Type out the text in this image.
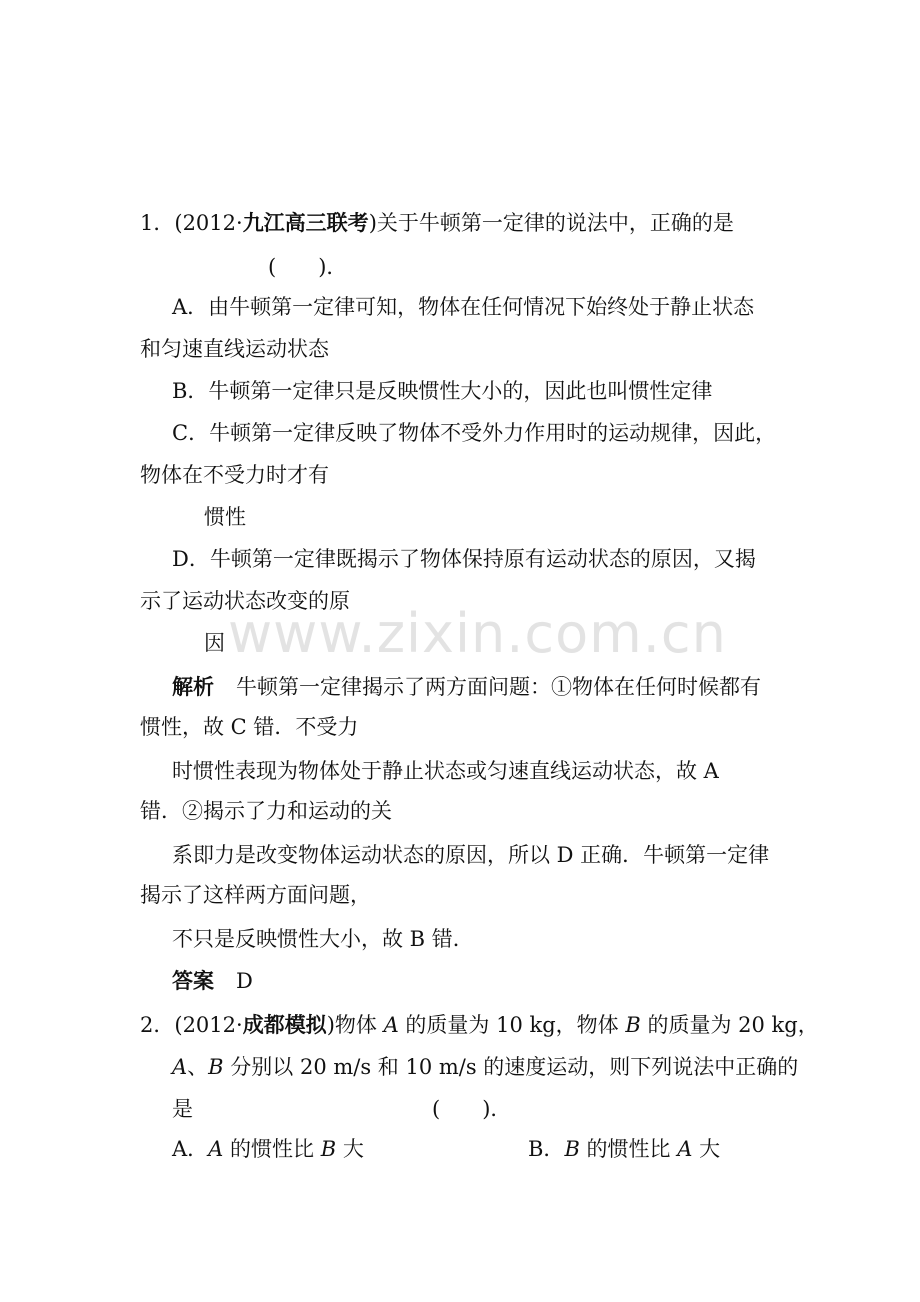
www.zixin.com.cn
1．(2012·九江高三联考)关于牛顿第一定律的说法中，正确的是
(　　)．
A．由牛顿第一定律可知，物体在任何情况下始终处于静止状态
和匀速直线运动状态
B．牛顿第一定律只是反映惯性大小的，因此也叫惯性定律
C．牛顿第一定律反映了物体不受外力作用时的运动规律，因此，
物体在不受力时才有
惯性
D．牛顿第一定律既揭示了物体保持原有运动状态的原因，又揭
示了运动状态改变的原
因
解析 牛顿第一定律揭示了两方面问题：①物体在任何时候都有
惯性，故 C 错．不受力
时惯性表现为物体处于静止状态或匀速直线运动状态，故 A
错．②揭示了力和运动的关
系即力是改变物体运动状态的原因，所以 D 正确．牛顿第一定律
揭示了这样两方面问题，
不只是反映惯性大小，故 B 错．
答案 D
2．(2012·成都模拟)物体 A 的质量为 10 kg，物体 B 的质量为 20 kg，
A、B 分别以 20 m/s 和 10 m/s 的速度运动，则下列说法中正确的
是	(　　)．
A．A 的惯性比 B 大	B．B 的惯性比 A 大
